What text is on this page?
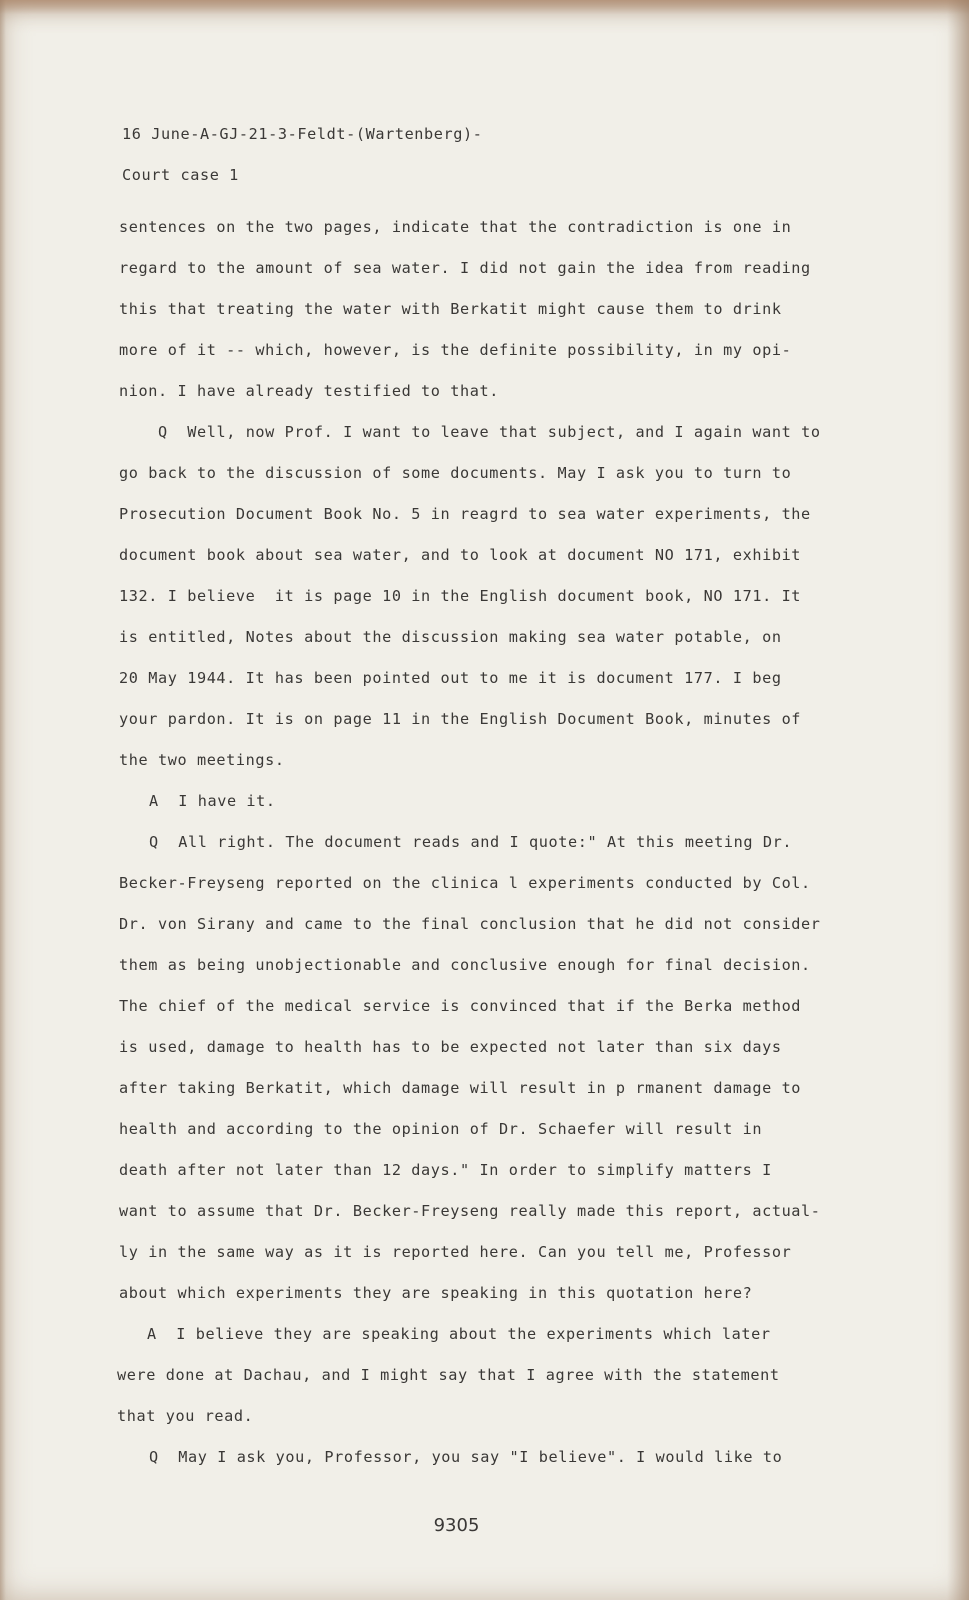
16 June-A-GJ-21-3-Feldt-(Wartenberg)-

Court case 1

sentences on the two pages, indicate that the contradiction is one in

regard to the amount of sea water. I did not gain the idea from reading

this that treating the water with Berkatit might cause them to drink

more of it -- which, however, is the definite possibility, in my opi-

nion. I have already testified to that.

Q  Well, now Prof. I want to leave that subject, and I again want to

go back to the discussion of some documents. May I ask you to turn to

Prosecution Document Book No. 5 in reagrd to sea water experiments, the

document book about sea water, and to look at document NO 171, exhibit

132. I believe  it is page 10 in the English document book, NO 171. It

is entitled, Notes about the discussion making sea water potable, on

20 May 1944. It has been pointed out to me it is document 177. I beg

your pardon. It is on page 11 in the English Document Book, minutes of

the two meetings.

A  I have it.

Q  All right. The document reads and I quote:" At this meeting Dr.

Becker-Freyseng reported on the clinica l experiments conducted by Col.

Dr. von Sirany and came to the final conclusion that he did not consider

them as being unobjectionable and conclusive enough for final decision.

The chief of the medical service is convinced that if the Berka method

is used, damage to health has to be expected not later than six days

after taking Berkatit, which damage will result in p rmanent damage to

health and according to the opinion of Dr. Schaefer will result in

death after not later than 12 days." In order to simplify matters I

want to assume that Dr. Becker-Freyseng really made this report, actual-

ly in the same way as it is reported here. Can you tell me, Professor

about which experiments they are speaking in this quotation here?

A  I believe they are speaking about the experiments which later

were done at Dachau, and I might say that I agree with the statement

that you read.

Q  May I ask you, Professor, you say "I believe". I would like to

9305
